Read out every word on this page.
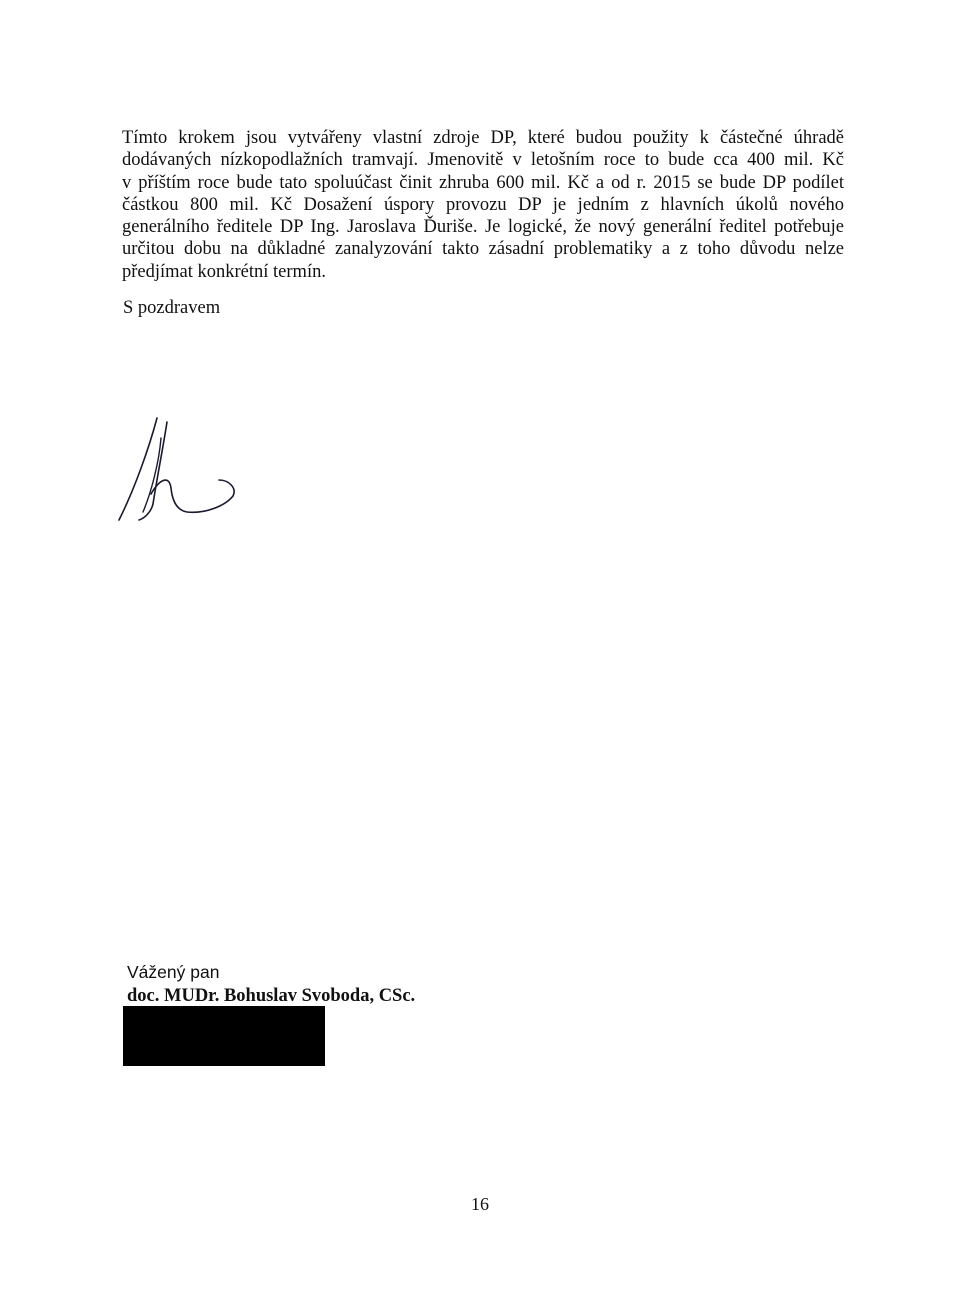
Tímto krokem jsou vytvářeny vlastní zdroje DP, které budou použity k částečné úhradě
dodávaných nízkopodlažních tramvají. Jmenovitě v letošním roce to bude cca 400 mil. Kč
v příštím roce bude tato spoluúčast činit zhruba 600 mil. Kč a od r. 2015 se bude DP podílet
částkou 800 mil. Kč Dosažení úspory provozu DP je jedním z hlavních úkolů nového
generálního ředitele DP Ing. Jaroslava Ďuriše. Je logické, že nový generální ředitel potřebuje
určitou dobu na důkladné zanalyzování takto zásadní problematiky a z toho důvodu nelze
předjímat konkrétní termín.

S pozdravem

Vážený pan
doc. MUDr. Bohuslav Svoboda, CSc.

16
